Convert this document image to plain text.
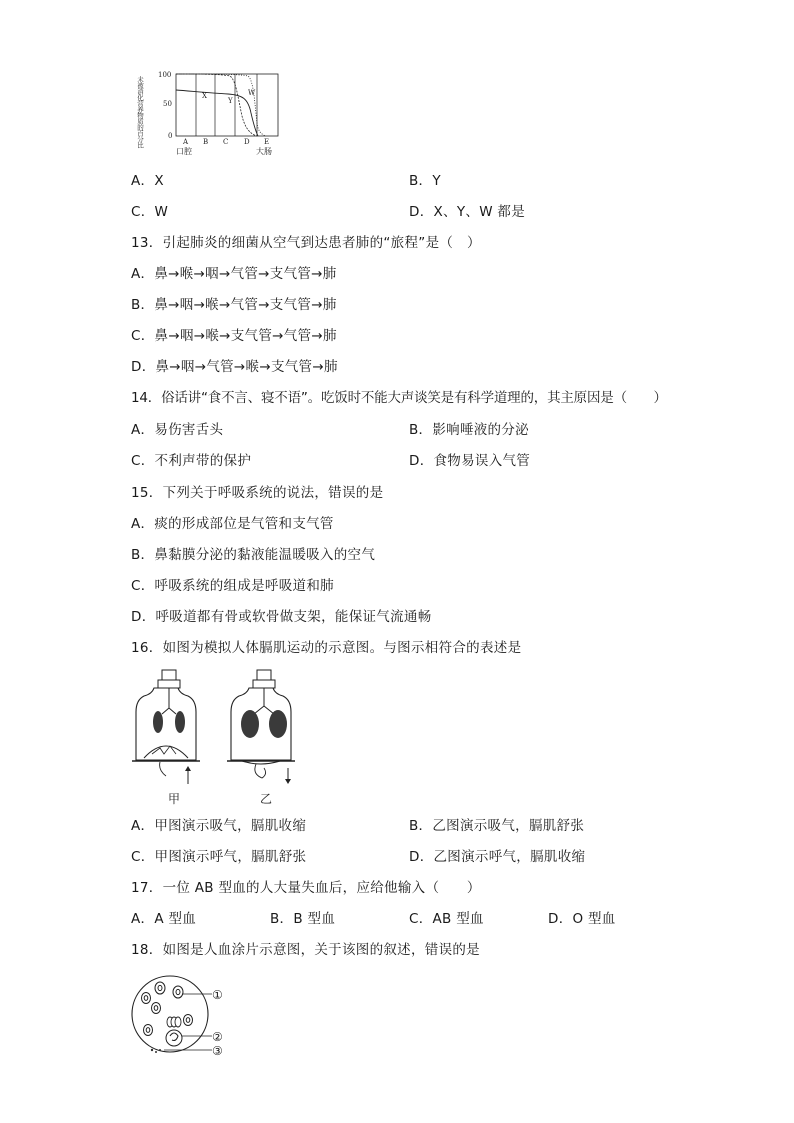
未被消化营养物质的百分比
100
50
0
X
Y
W
A B C D E
口腔	大肠
A．X	B．Y
C．W	D．X、Y、W 都是
13．引起肺炎的细菌从空气到达患者肺的“旅程”是（　）
A．鼻→喉→咽→气管→支气管→肺
B．鼻→咽→喉→气管→支气管→肺
C．鼻→咽→喉→支气管→气管→肺
D．鼻→咽→气管→喉→支气管→肺
14．俗话讲“食不言、寝不语”。吃饭时不能大声谈笑是有科学道理的，其主原因是（　　）
A．易伤害舌头	B．影响唾液的分泌
C．不利声带的保护	D．食物易误入气管
15．下列关于呼吸系统的说法，错误的是
A．痰的形成部位是气管和支气管
B．鼻黏膜分泌的黏液能温暖吸入的空气
C．呼吸系统的组成是呼吸道和肺
D．呼吸道都有骨或软骨做支架，能保证气流通畅
16．如图为模拟人体膈肌运动的示意图。与图示相符合的表述是
甲	乙
A．甲图演示吸气，膈肌收缩	B．乙图演示吸气，膈肌舒张
C．甲图演示呼气，膈肌舒张	D．乙图演示呼气，膈肌收缩
17．一位 AB 型血的人大量失血后，应给他输入（　　）
A．A 型血	B．B 型血	C．AB 型血	D．O 型血
18．如图是人血涂片示意图，关于该图的叙述，错误的是
①
②
③
